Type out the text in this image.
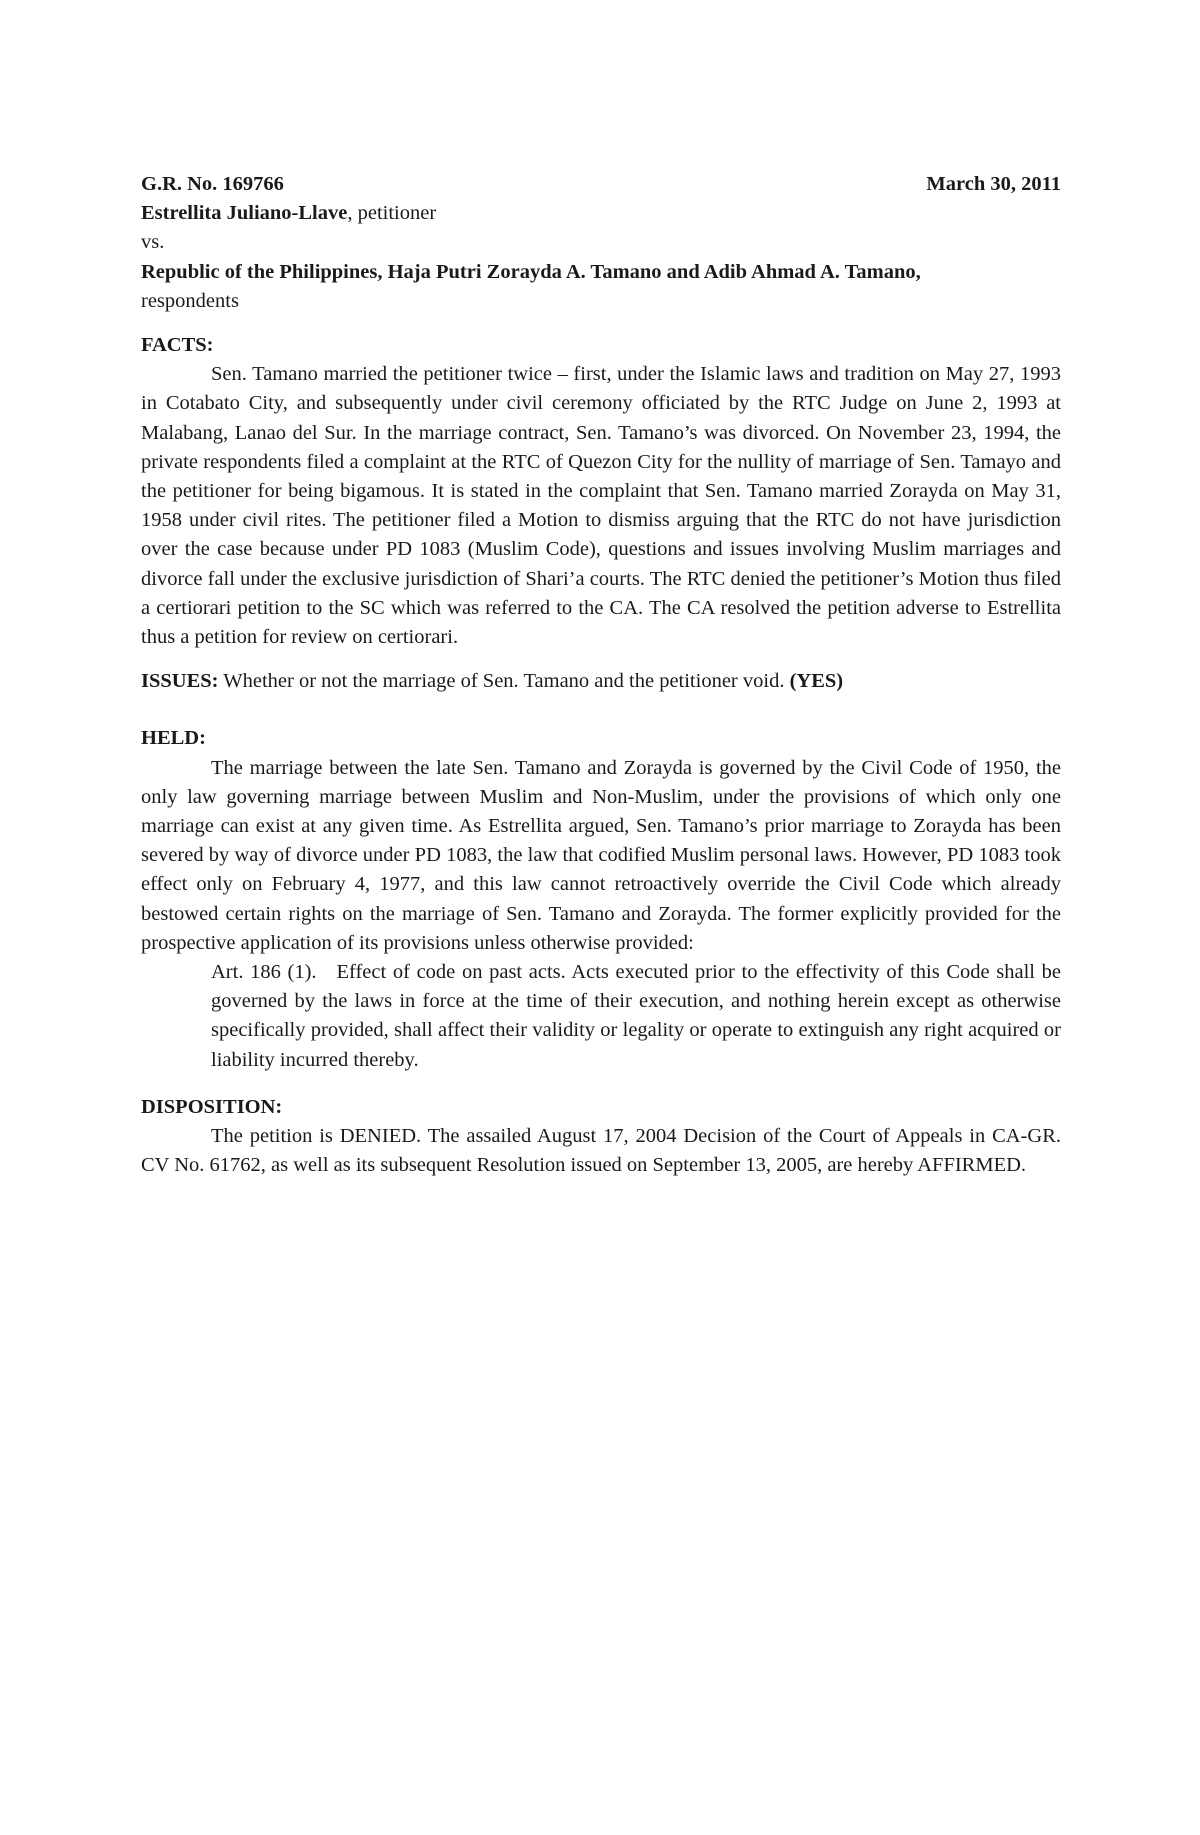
G.R. No. 169766	March 30, 2011
Estrellita Juliano-Llave, petitioner
vs.
Republic of the Philippines, Haja Putri Zorayda A. Tamano and Adib Ahmad A. Tamano,
respondents
FACTS:
Sen. Tamano married the petitioner twice – first, under the Islamic laws and tradition on May 27, 1993 in Cotabato City, and subsequently under civil ceremony officiated by the RTC Judge on June 2, 1993 at Malabang, Lanao del Sur. In the marriage contract, Sen. Tamano’s was divorced. On November 23, 1994, the private respondents filed a complaint at the RTC of Quezon City for the nullity of marriage of Sen. Tamayo and the petitioner for being bigamous. It is stated in the complaint that Sen. Tamano married Zorayda on May 31, 1958 under civil rites. The petitioner filed a Motion to dismiss arguing that the RTC do not have jurisdiction over the case because under PD 1083 (Muslim Code), questions and issues involving Muslim marriages and divorce fall under the exclusive jurisdiction of Shari’a courts. The RTC denied the petitioner’s Motion thus filed a certiorari petition to the SC which was referred to the CA. The CA resolved the petition adverse to Estrellita thus a petition for review on certiorari.
ISSUES: Whether or not the marriage of Sen. Tamano and the petitioner void. (YES)
HELD:
The marriage between the late Sen. Tamano and Zorayda is governed by the Civil Code of 1950, the only law governing marriage between Muslim and Non-Muslim, under the provisions of which only one marriage can exist at any given time. As Estrellita argued, Sen. Tamano’s prior marriage to Zorayda has been severed by way of divorce under PD 1083, the law that codified Muslim personal laws. However, PD 1083 took effect only on February 4, 1977, and this law cannot retroactively override the Civil Code which already bestowed certain rights on the marriage of Sen. Tamano and Zorayda. The former explicitly provided for the prospective application of its provisions unless otherwise provided:
Art. 186 (1).   Effect of code on past acts. Acts executed prior to the effectivity of this Code shall be governed by the laws in force at the time of their execution, and nothing herein except as otherwise specifically provided, shall affect their validity or legality or operate to extinguish any right acquired or liability incurred thereby.
DISPOSITION:
The petition is DENIED. The assailed August 17, 2004 Decision of the Court of Appeals in CA-GR. CV No. 61762, as well as its subsequent Resolution issued on September 13, 2005, are hereby AFFIRMED.
